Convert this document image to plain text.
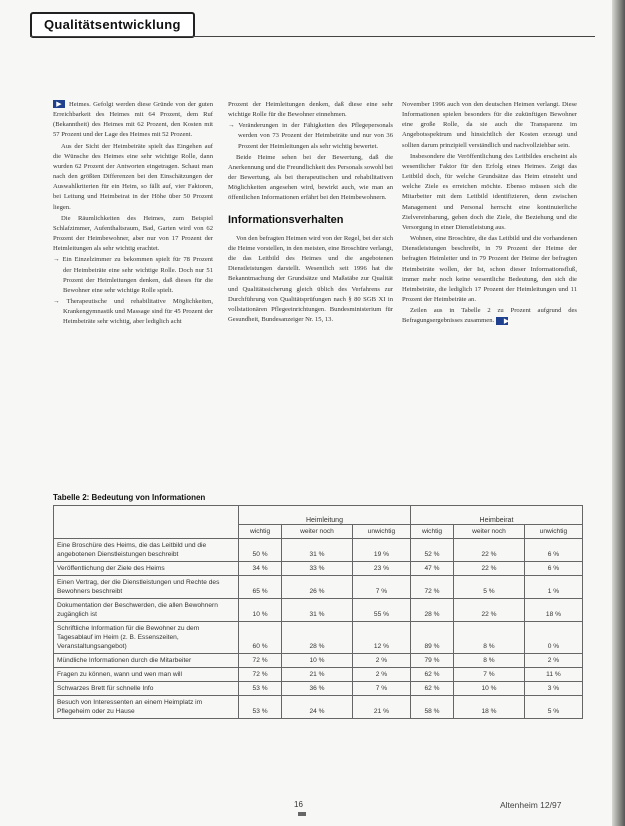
Qualitätsentwicklung

▶ Heimes. Gefolgt werden diese Gründe von der guten Erreichbarkeit des Heimes mit 64 Prozent, dem Ruf (Bekanntheit) des Heimes mit 62 Prozent, den Kosten mit 57 Prozent und der Lage des Heimes mit 52 Prozent.

Aus der Sicht der Heimbeiräte spielt das Eingehen auf die Wünsche des Heimes eine sehr wichtige Rolle, dann wurden 62 Prozent der Antworten eingetragen. Schaut man nach den größten Differenzen bei den Einschätzungen der Auswahlkriterien für ein Heim, so fällt auf, vier Faktoren, bei Leitung und Heimbeirat in der Höhe über 50 Prozent liegen.

Die Räumlichkeiten des Heimes, zum Beispiel Schlafzimmer, Aufenthaltsraum, Bad, Garten wird von 62 Prozent der Heimbewohner, aber nur von 17 Prozent der Heimleitungen als sehr wichtig erachtet.

→ Ein Einzelzimmer zu bekommen spielt für 78 Prozent der Heimbeiräte eine sehr wichtige Rolle. Doch nur 51 Prozent der Heimleitungen denken, daß dieses für die Bewohner eine sehr wichtige Rolle spielt.

→ Therapeutische und rehabilitative Möglichkeiten, Krankengymnastik und Massage sind für 45 Prozent der Heimbeiräte sehr wichtig, aber lediglich acht

Prozent der Heimleitungen denken, daß diese eine sehr wichtige Rolle für die Bewohner einnehmen.

→ Veränderungen in der Fähigkeiten des Pflegepersonals werden von 73 Prozent der Heimbeiräte und nur von 36 Prozent der Heimleitungen als sehr wichtig bewertet.

Beide Heime sehen bei der Bewertung, daß die Anerkennung und die Freundlichkeit des Personals sowohl bei der Bewertung, als bei therapeutischen und rehabilitativen Möglichkeiten angesehen wird, bewirkt auch, wie man an öffentlichen Informationen erfährt bei den Heimbewohnern.

Informationsverhalten

Von den befragten Heimen wird von der Regel, bei der sich die Heime vorstellen, in den meisten, eine Broschüre verlangt, die das Leitbild des Heimes und die angebotenen Dienstleistungen darstellt. Wesentlich seit 1996 hat die Bekanntmachung der Grundsätze und Maßstäbe zur Qualität und Qualitätssicherung gleich üblich des Verfahrens zur Durchführung von Qualitätsprüfungen nach § 80 SGB XI in vollstationären Pflegeeinrichtungen. Bundesministerium für Gesundheit, Bundesanzeiger Nr. 15, 13.

November 1996 auch von den deutschen Heimen verlangt. Diese Informationen spielen besonders für die zukünftigen Bewohner eine große Rolle, da sie auch die Transparenz im Angebotsspektrum und hinsichtlich der Kosten erzeugt und sollten darum prinzipiell verständlich und nachvollziehbar sein.

Insbesondere die Veröffentlichung des Leitbildes erscheint als wesentlicher Faktor für den Erfolg eines Heimes. Zeigt das Leitbild doch, für welche Grundsätze das Heim einsteht und welche Ziele es erreichen möchte. Ebenso müssen sich die Mitarbeiter mit dem Leitbild identifizieren, denn zwischen Management und Personal herrscht eine kontinuierliche Zielvereinbarung, gehen doch die Ziele, die Beziehung und die Versorgung in einer Dienstleistung aus.

Wohnen, eine Broschüre, die das Leitbild und die vorhandenen Dienstleistungen beschreibt, in 79 Prozent der Heime der befragten Heimleiter und in 79 Prozent der Heime der befragten Heimbeiräte wollen, der Ist, schon dieser Informationsfluß, immer mehr noch keine wesentliche Bedeutung, den sich die Heimbeiräte, die lediglich 17 Prozent der Heimleitungen und 11 Prozent der Heimbeiräte an.

Zeilen aus in Tabelle 2 zu Prozent aufgrund des Befragungsergebnisses zusammen. ▶

Tabelle 2: Bedeutung von Informationen
	Heimleitung			Heimbeirat		
	wichtig	weiter noch	unwichtig	wichtig	weiter noch	unwichtig
Eine Broschüre des Heims, die das Leitbild und die angebotenen Dienstleistungen beschreibt	50 %	31 %	19 %	52 %	22 %	6 %
Veröffentlichung der Ziele des Heims	34 %	33 %	23 %	47 %	22 %	6 %
Einen Vertrag, der die Dienstleistungen und Rechte des Bewohners beschreibt	65 %	26 %	7 %	72 %	5 %	1 %
Dokumentation der Beschwerden, die allen Bewohnern zugänglich ist	10 %	31 %	55 %	28 %	22 %	18 %
Schriftliche Information für die Bewohner zu dem Tagesablauf im Heim (z. B. Essenszeiten, Veranstaltungsangebot)	60 %	28 %	12 %	89 %	8 %	0 %
Mündliche Informationen durch die Mitarbeiter	72 %	10 %	2 %	79 %	8 %	2 %
Fragen zu können, wann und wen man will	72 %	21 %	2 %	62 %	7 %	11 %
Schwarzes Brett für schnelle Info	53 %	36 %	7 %	62 %	10 %	3 %
Besuch von Interessenten an einem Heimplatz im Pflegeheim oder zu Hause	53 %	24 %	21 %	58 %	18 %	5 %
16	Altenheim 12/97
